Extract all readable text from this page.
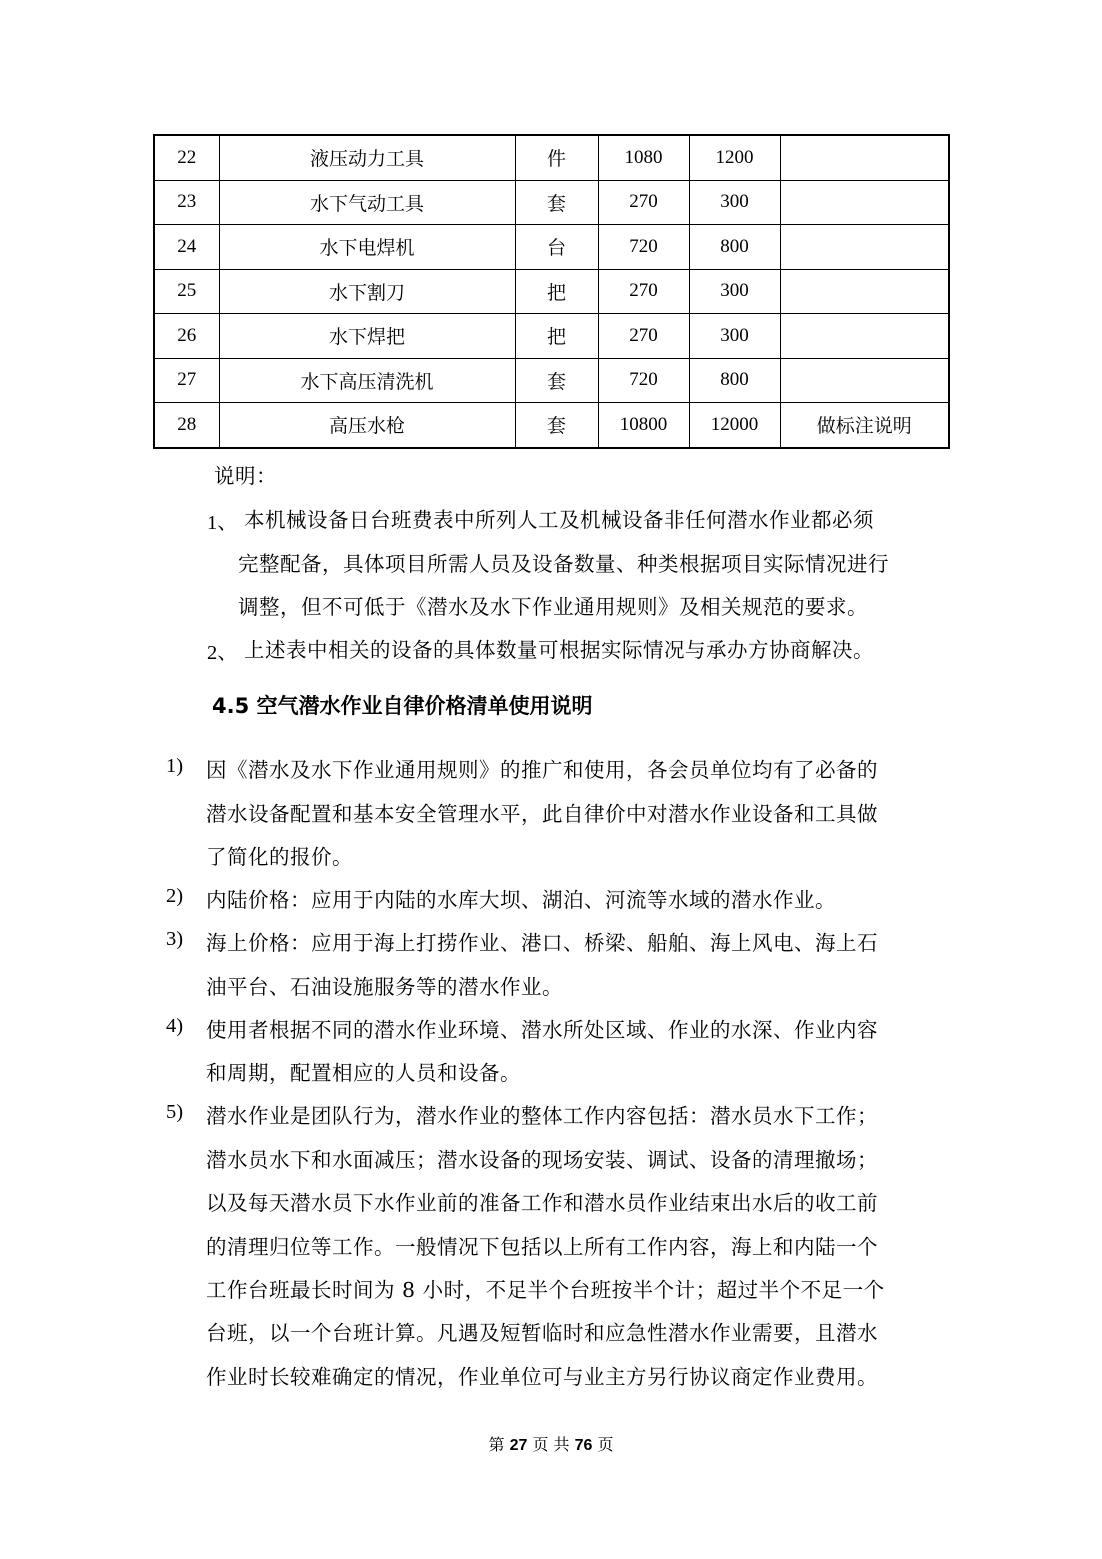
22	液压动力工具	件	1080	1200	
23	水下气动工具	套	270	300	
24	水下电焊机	台	720	800	
25	水下割刀	把	270	300	
26	水下焊把	把	270	300	
27	水下高压清洗机	套	720	800	
28	高压水枪	套	10800	12000	做标注说明
说明：
1、 本机械设备日台班费表中所列人工及机械设备非任何潜水作业都必须
完整配备，具体项目所需人员及设备数量、种类根据项目实际情况进行
调整，但不可低于《潜水及水下作业通用规则》及相关规范的要求。
2、 上述表中相关的设备的具体数量可根据实际情况与承办方协商解决。
4.5 空气潜水作业自律价格清单使用说明
1) 因《潜水及水下作业通用规则》的推广和使用，各会员单位均有了必备的
潜水设备配置和基本安全管理水平，此自律价中对潜水作业设备和工具做
了简化的报价。
2) 内陆价格：应用于内陆的水库大坝、湖泊、河流等水域的潜水作业。
3) 海上价格：应用于海上打捞作业、港口、桥梁、船舶、海上风电、海上石
油平台、石油设施服务等的潜水作业。
4) 使用者根据不同的潜水作业环境、潜水所处区域、作业的水深、作业内容
和周期，配置相应的人员和设备。
5) 潜水作业是团队行为，潜水作业的整体工作内容包括：潜水员水下工作；
潜水员水下和水面减压；潜水设备的现场安装、调试、设备的清理撤场；
以及每天潜水员下水作业前的准备工作和潜水员作业结束出水后的收工前
的清理归位等工作。一般情况下包括以上所有工作内容，海上和内陆一个
工作台班最长时间为 8 小时，不足半个台班按半个计；超过半个不足一个
台班，以一个台班计算。凡遇及短暂临时和应急性潜水作业需要，且潜水
作业时长较难确定的情况，作业单位可与业主方另行协议商定作业费用。
第 27 页 共 76 页
